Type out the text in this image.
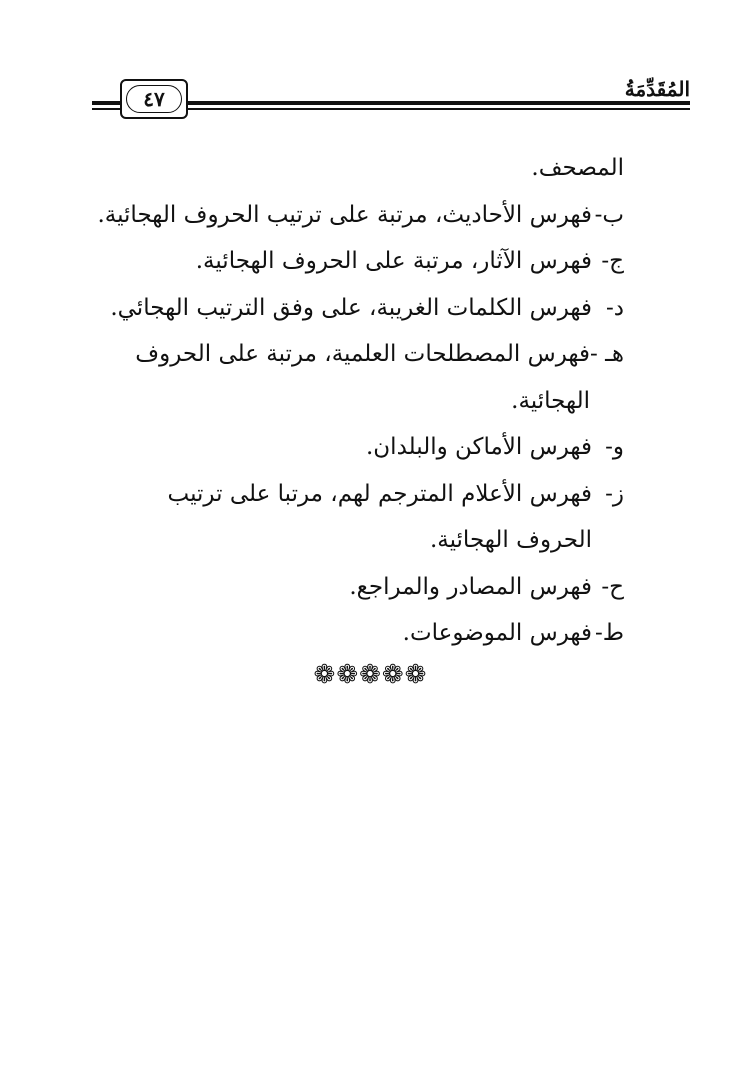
المُقَدِّمَةُ
٤٧

المصحف.

ب-
فهرس الأحاديث، مرتبة على ترتيب الحروف الهجائية.
ج-
فهرس الآثار، مرتبة على الحروف الهجائية.
د-
فهرس الكلمات الغريبة، على وفق الترتيب الهجائي.
هـ -
فهرس المصطلحات العلمية، مرتبة على الحروف الهجائية.
و-
فهرس الأماكن والبلدان.
ز-
فهرس الأعلام المترجم لهم، مرتبا على ترتيب الحروف الهجائية.
ح-
فهرس المصادر والمراجع.
ط-
فهرس الموضوعات.
❁❁❁❁❁
